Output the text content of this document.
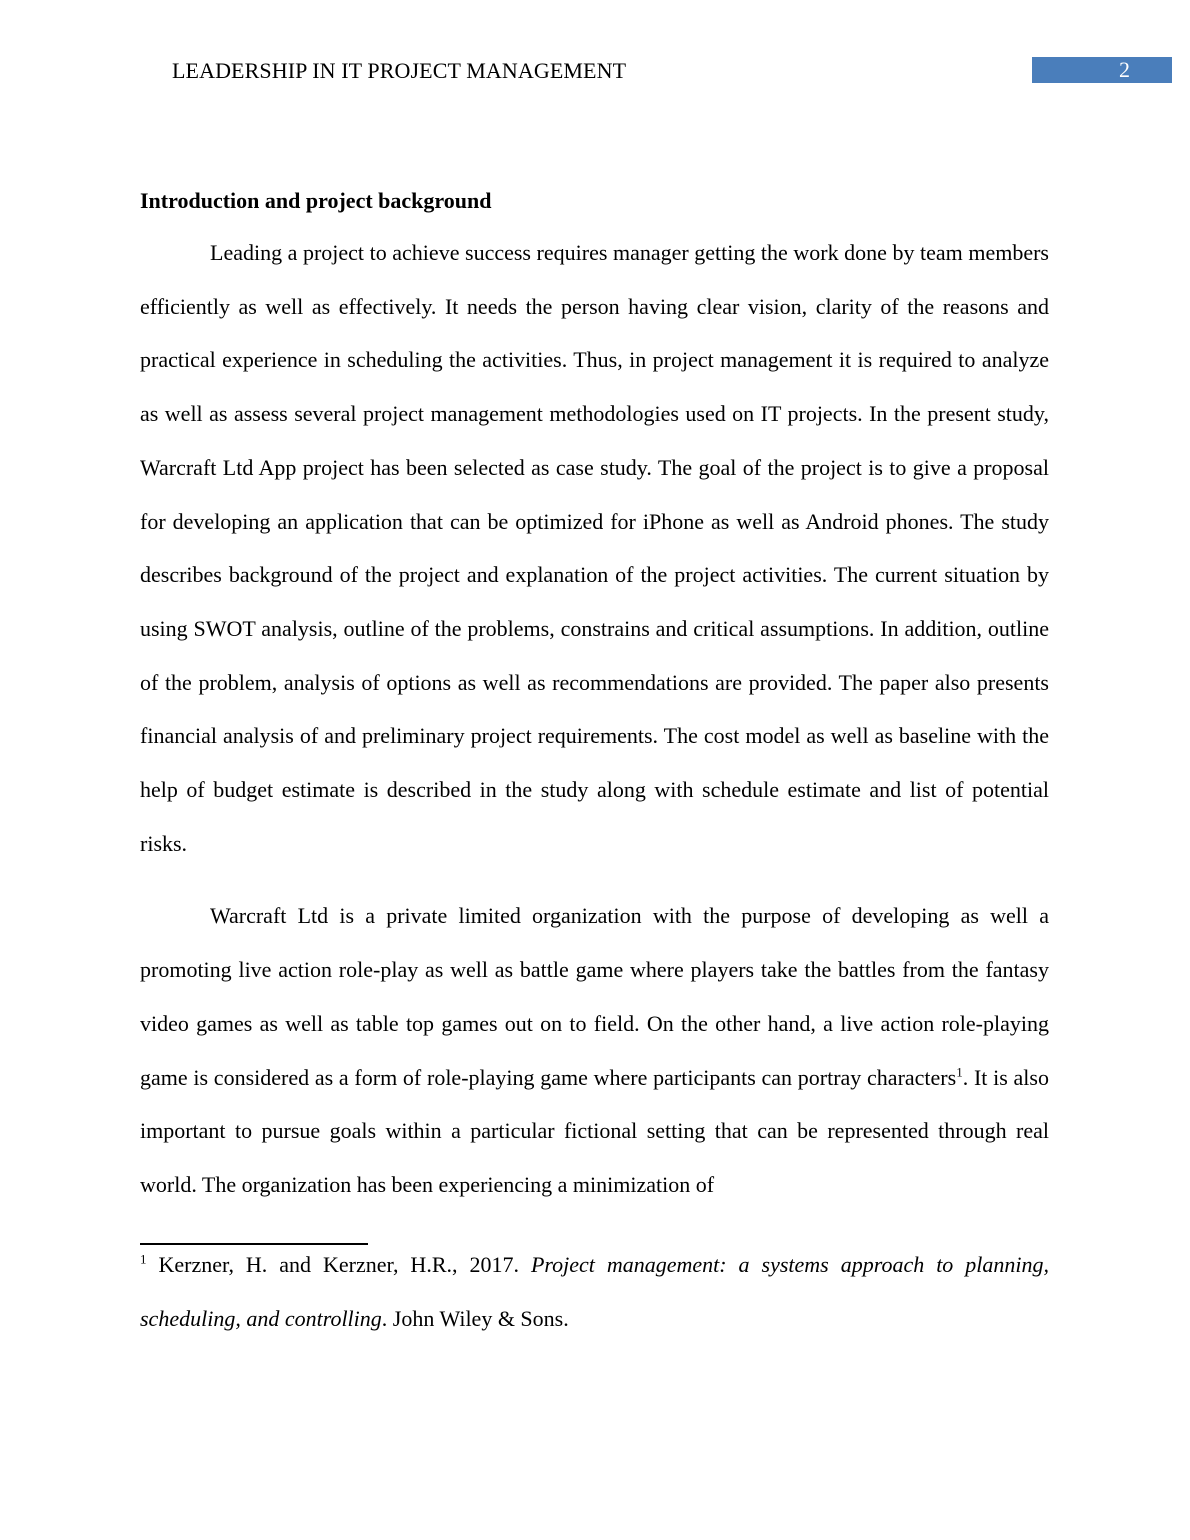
LEADERSHIP IN IT PROJECT MANAGEMENT	2
Introduction and project background

Leading a project to achieve success requires manager getting the work done by team members efficiently as well as effectively. It needs the person having clear vision, clarity of the reasons and practical experience in scheduling the activities. Thus, in project management it is required to analyze as well as assess several project management methodologies used on IT projects. In the present study, Warcraft Ltd App project has been selected as case study. The goal of the project is to give a proposal for developing an application that can be optimized for iPhone as well as Android phones. The study describes background of the project and explanation of the project activities. The current situation by using SWOT analysis, outline of the problems, constrains and critical assumptions. In addition, outline of the problem, analysis of options as well as recommendations are provided. The paper also presents financial analysis of and preliminary project requirements. The cost model as well as baseline with the help of budget estimate is described in the study along with schedule estimate and list of potential risks.

Warcraft Ltd is a private limited organization with the purpose of developing as well a promoting live action role-play as well as battle game where players take the battles from the fantasy video games as well as table top games out on to field. On the other hand, a live action role-playing game is considered as a form of role-playing game where participants can portray characters$^1$. It is also important to pursue goals within a particular fictional setting that can be represented through real world. The organization has been experiencing a minimization of

$^1$ Kerzner, H. and Kerzner, H.R., 2017. Project management: a systems approach to planning, scheduling, and controlling. John Wiley & Sons.
